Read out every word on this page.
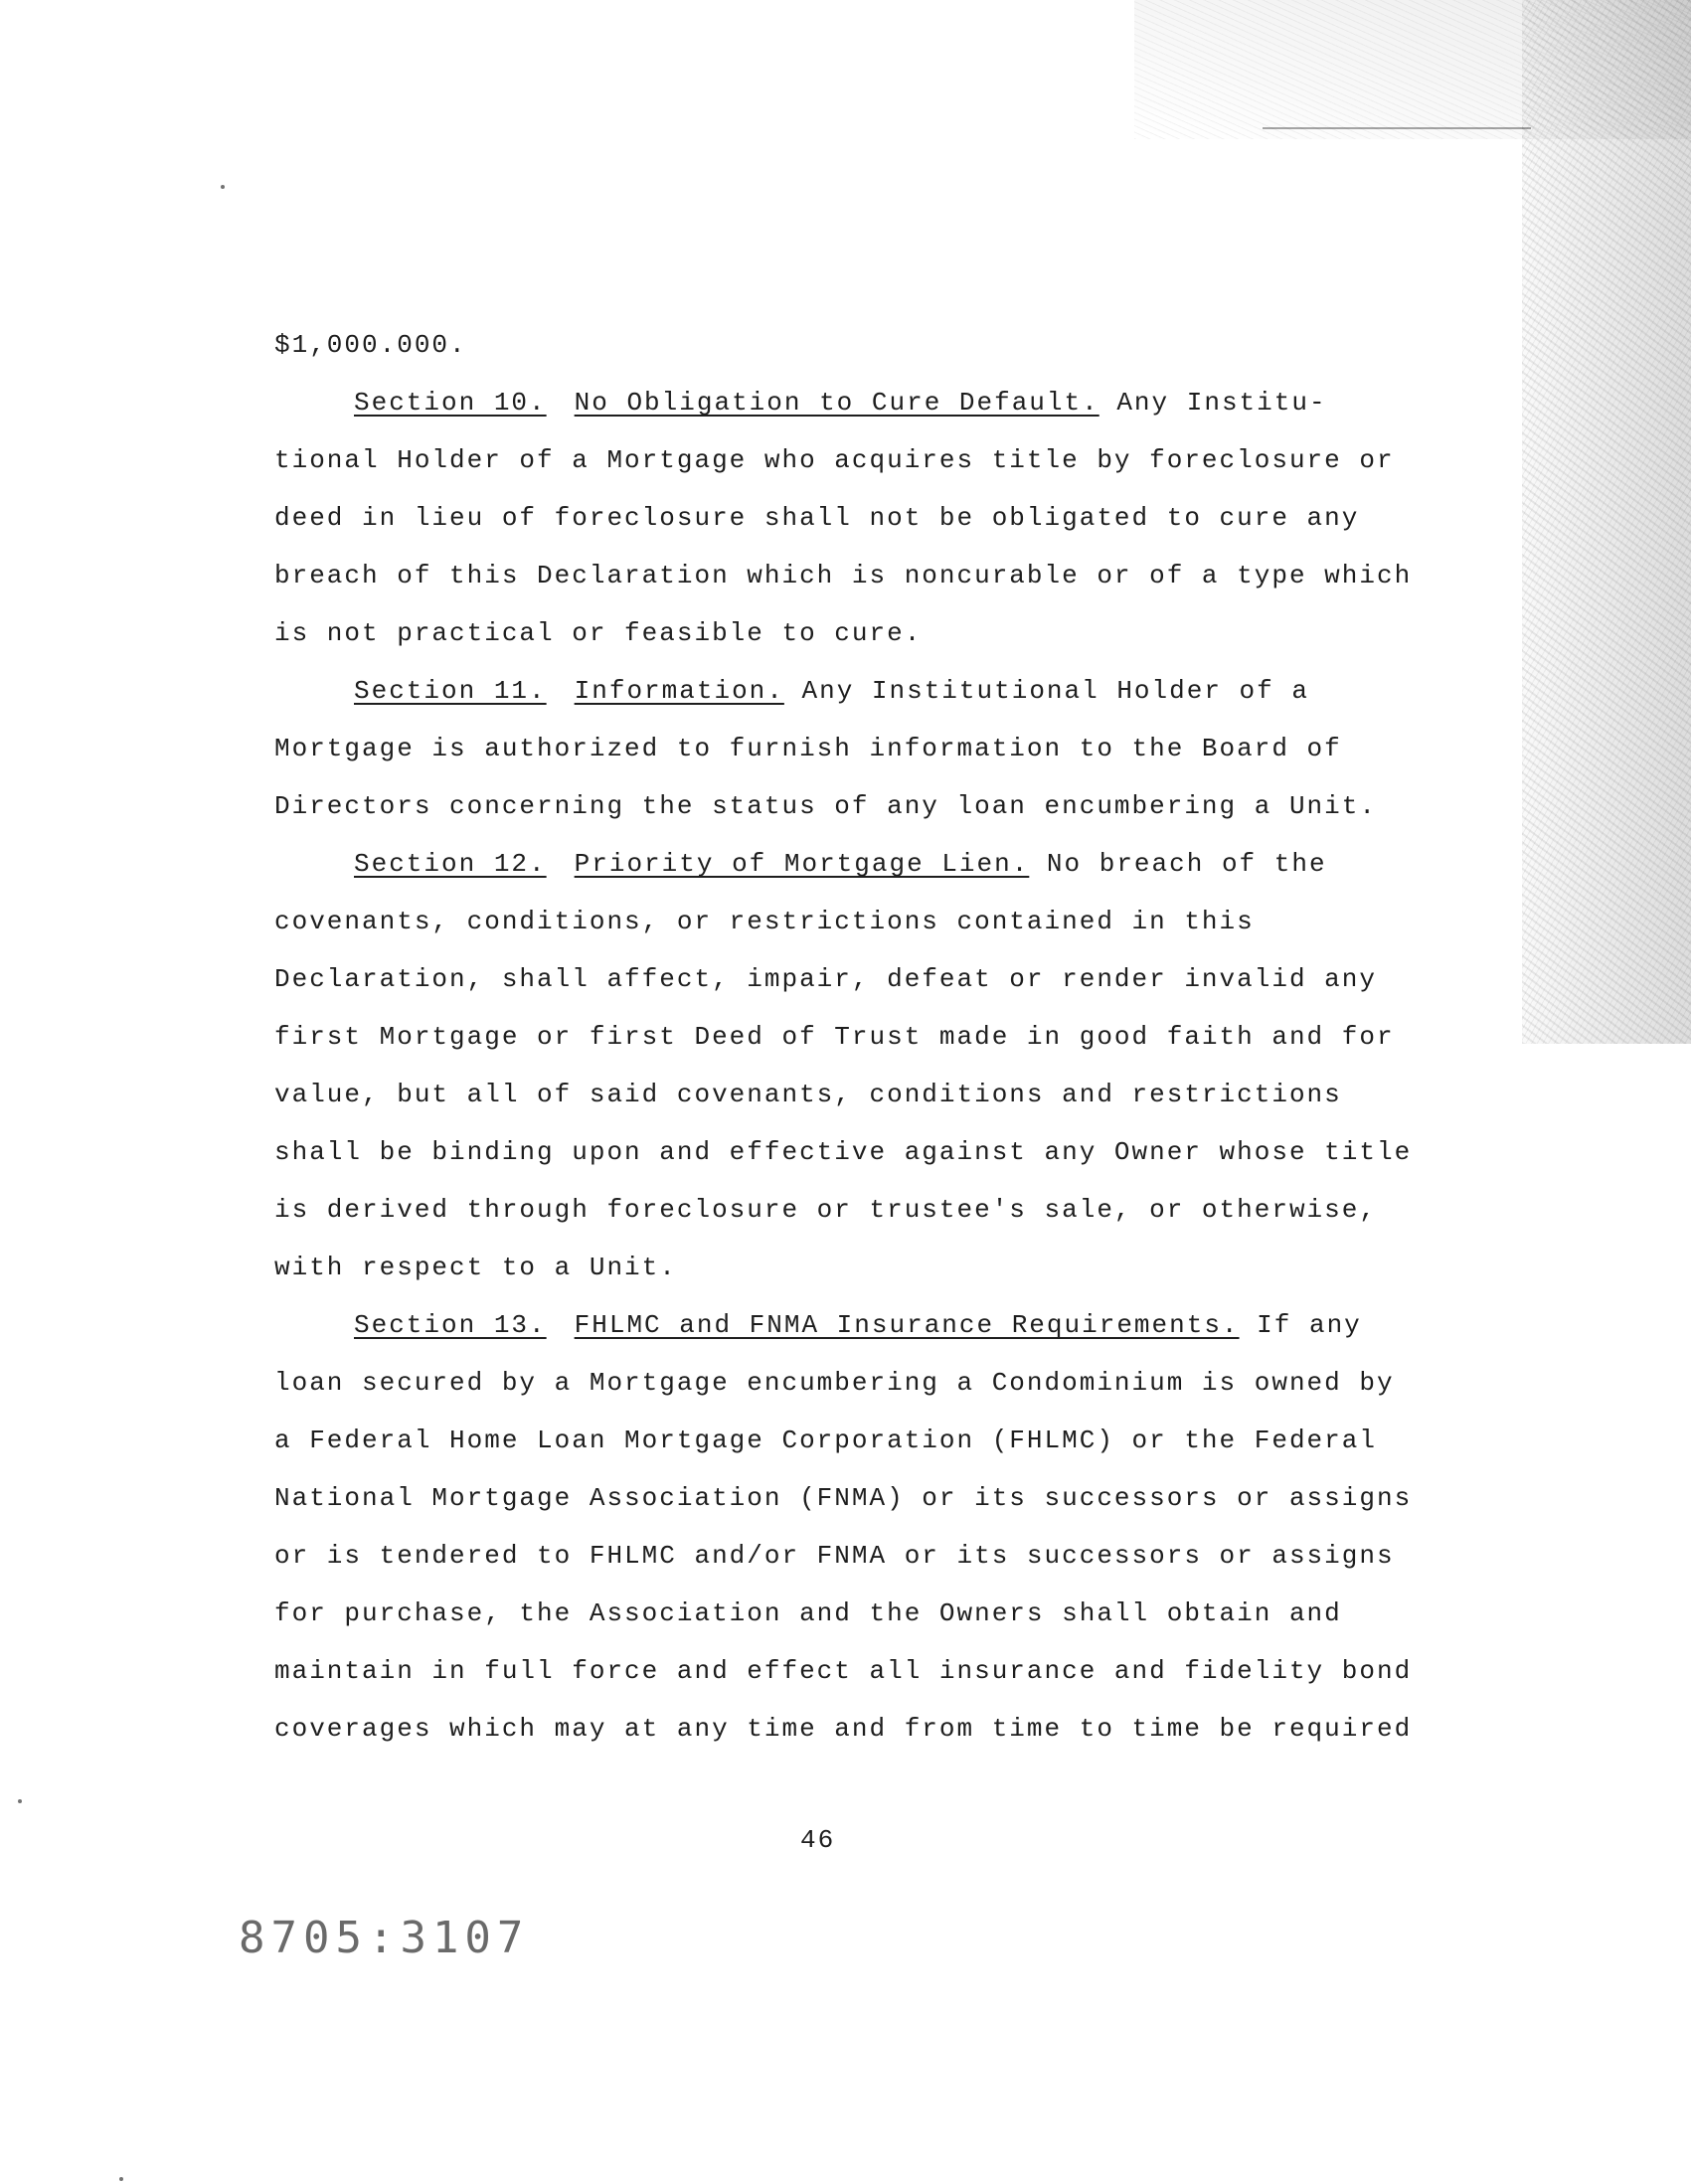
$1,000.000.
Section 10. No Obligation to Cure Default. Any Institu-
tional Holder of a Mortgage who acquires title by foreclosure or
deed in lieu of foreclosure shall not be obligated to cure any
breach of this Declaration which is noncurable or of a type which
is not practical or feasible to cure.
Section 11. Information. Any Institutional Holder of a
Mortgage is authorized to furnish information to the Board of
Directors concerning the status of any loan encumbering a Unit.
Section 12. Priority of Mortgage Lien. No breach of the
covenants, conditions, or restrictions contained in this
Declaration, shall affect, impair, defeat or render invalid any
first Mortgage or first Deed of Trust made in good faith and for
value, but all of said covenants, conditions and restrictions
shall be binding upon and effective against any Owner whose title
is derived through foreclosure or trustee's sale, or otherwise,
with respect to a Unit.
Section 13. FHLMC and FNMA Insurance Requirements. If any
loan secured by a Mortgage encumbering a Condominium is owned by
a Federal Home Loan Mortgage Corporation (FHLMC) or the Federal
National Mortgage Association (FNMA) or its successors or assigns
or is tendered to FHLMC and/or FNMA or its successors or assigns
for purchase, the Association and the Owners shall obtain and
maintain in full force and effect all insurance and fidelity bond
coverages which may at any time and from time to time be required
46
8705:3107
